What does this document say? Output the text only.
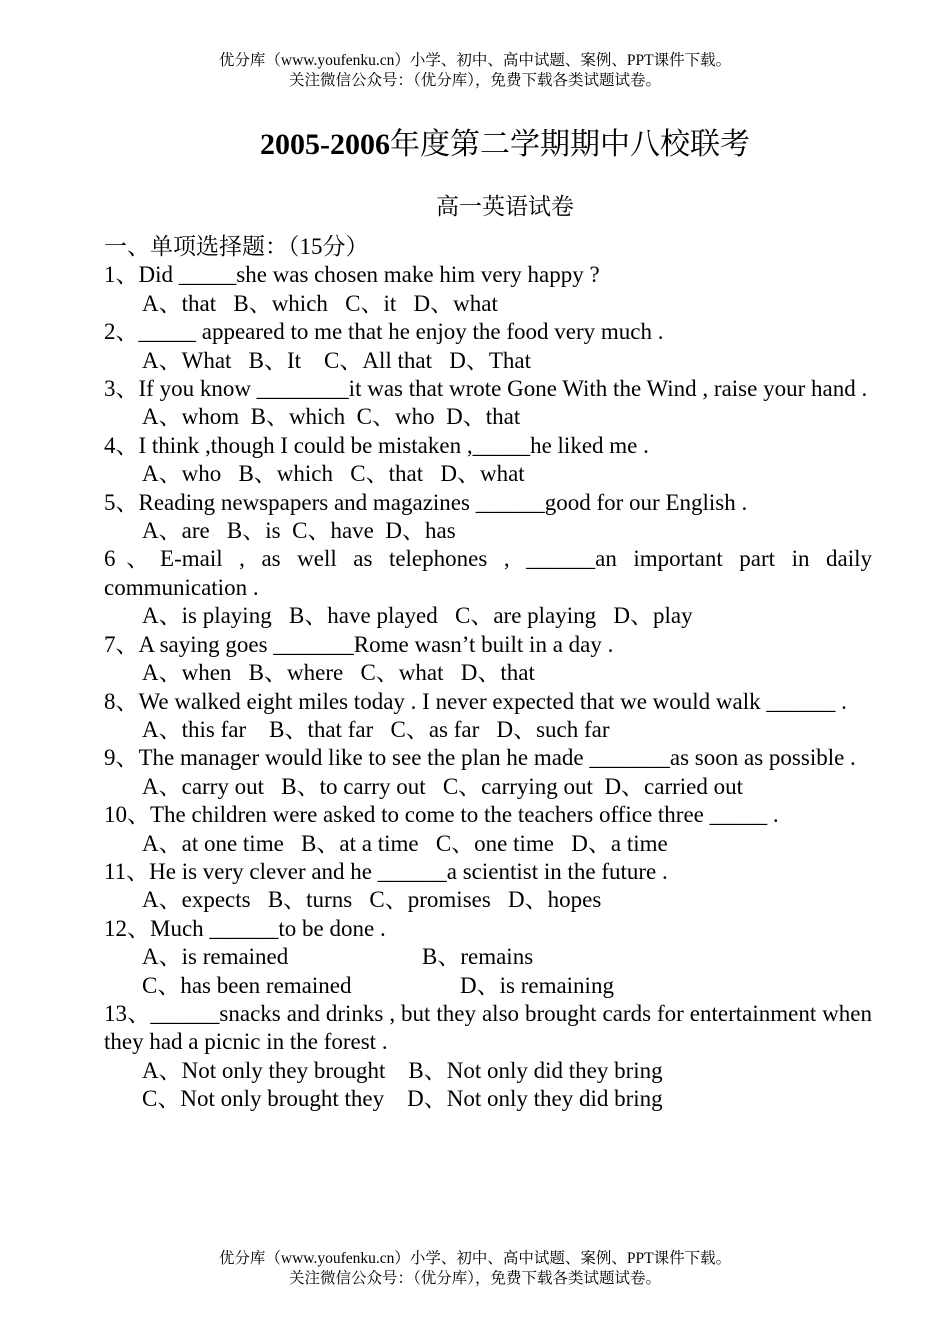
优分库（www.youfenku.cn）小学、初中、高中试题、案例、PPT课件下载。
关注微信公众号：（优分库），免费下载各类试题试卷。
2005-2006年度第二学期期中八校联考
高一英语试卷
一、单项选择题：（15分）
1、Did _____she was chosen make him very happy ?
A、that   B、which   C、it   D、what
2、_____ appeared to me that he enjoy the food very much .
A、What   B、It    C、All that   D、That
3、If you know ________it was that wrote Gone With the Wind , raise your hand .
A、whom  B、which  C、who  D、that
4、I think ,though I could be mistaken ,_____he liked me .
A、who   B、which   C、that   D、what
5、Reading newspapers and magazines ______good for our English .
A、are   B、is  C、have  D、has
6、E-mail , as well as telephones , ______an important part in daily communication .
A、is playing   B、have played   C、are playing   D、play
7、A saying goes _______Rome wasn’t built in a day .
A、when   B、where   C、what   D、that
8、We walked eight miles today . I never expected that we would walk ______ .
A、this far    B、that far   C、as far   D、such far
9、The manager would like to see the plan he made _______as soon as possible .
A、carry out   B、to carry out   C、carrying out  D、carried out
10、The children were asked to come to the teachers office three _____ .
A、at one time   B、at a time   C、one time   D、a time
11、He is very clever and he ______a scientist in the future .
A、expects   B、turns   C、promises   D、hopes
12、Much ______to be done .
A、is remained	B、remains
C、has been remained	D、is remaining
13、______snacks and drinks , but they also brought cards for entertainment when they had a picnic in the forest .
A、Not only they brought    B、Not only did they bring
C、Not only brought they    D、Not only they did bring
优分库（www.youfenku.cn）小学、初中、高中试题、案例、PPT课件下载。
关注微信公众号：（优分库），免费下载各类试题试卷。
